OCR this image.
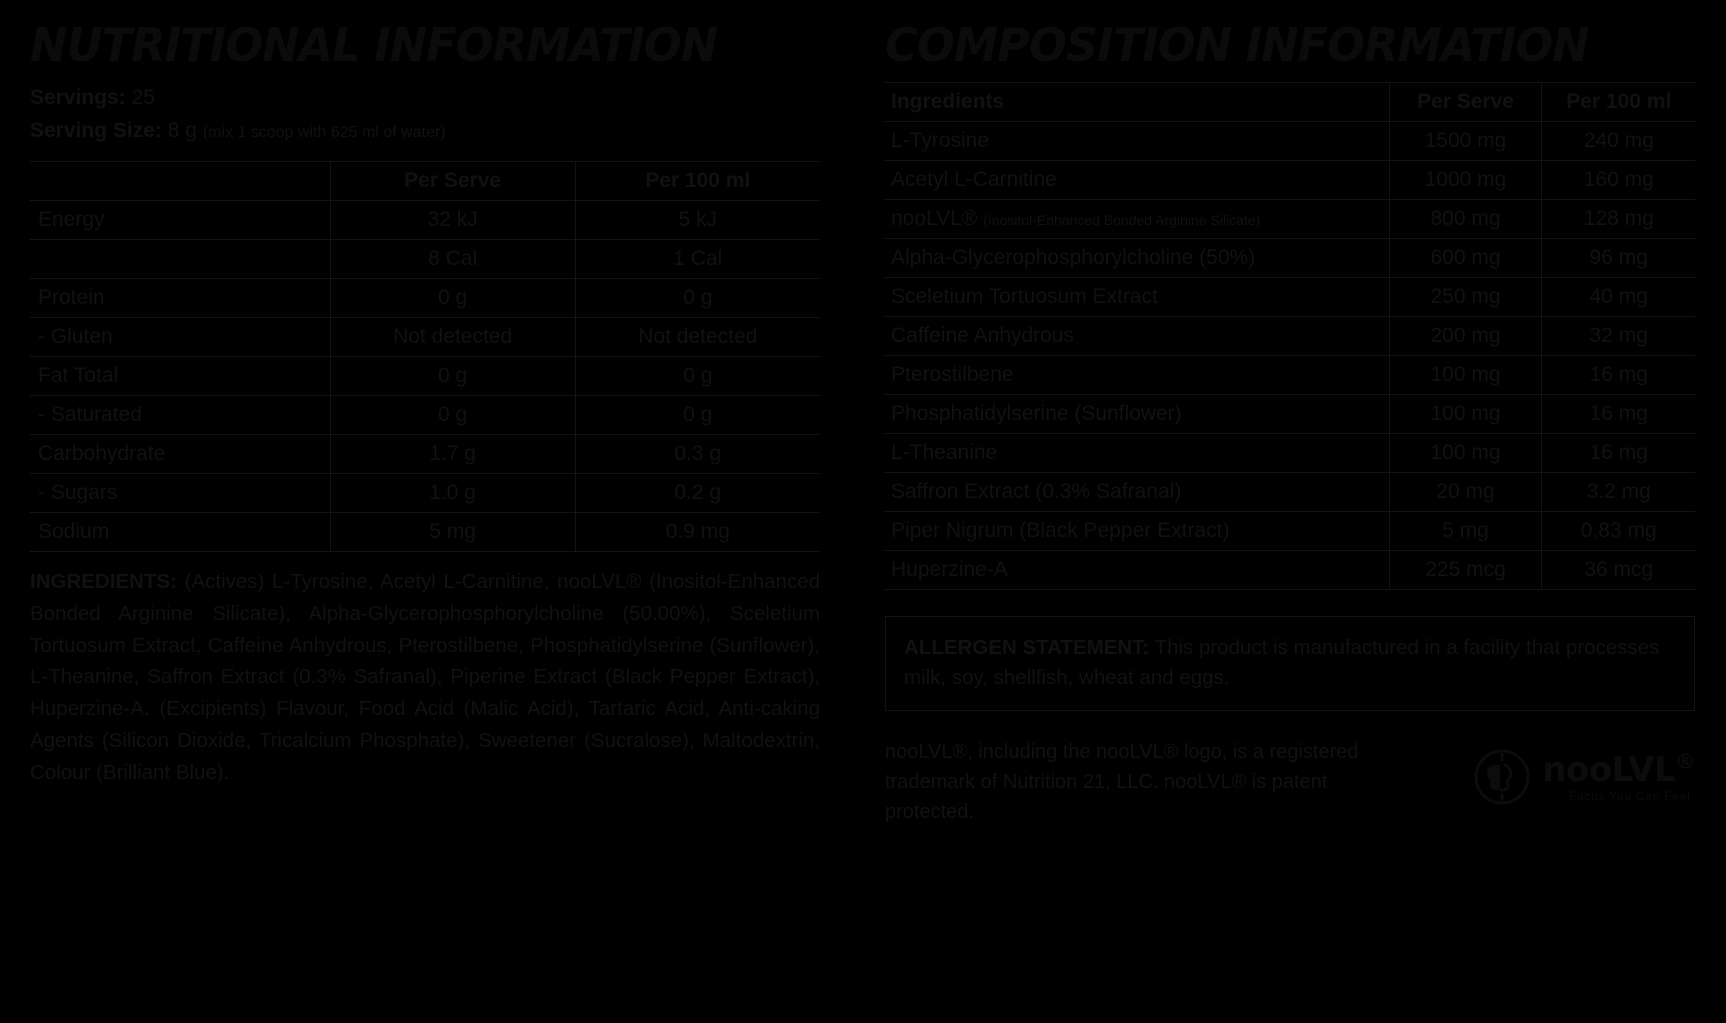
NUTRITIONAL INFORMATION
Servings: 25
Serving Size: 8 g (mix 1 scoop with 625 ml of water)
	Per Serve	Per 100 ml
Energy	32 kJ	5 kJ
	8 Cal	1 Cal
Protein	0 g	0 g
- Gluten	Not detected	Not detected
Fat Total	0 g	0 g
- Saturated	0 g	0 g
Carbohydrate	1.7 g	0.3 g
- Sugars	1.0 g	0.2 g
Sodium	5 mg	0.9 mg

INGREDIENTS: (Actives) L-Tyrosine, Acetyl L-Carnitine, nooLVL® (Inositol-Enhanced Bonded Arginine Silicate), Alpha-Glycerophosphorylcholine (50.00%), Sceletium Tortuosum Extract, Caffeine Anhydrous, Pterostilbene, Phosphatidylserine (Sunflower), L-Theanine, Saffron Extract (0.3% Safranal), Piperine Extract (Black Pepper Extract), Huperzine-A. (Excipients) Flavour, Food Acid (Malic Acid), Tartaric Acid, Anti-caking Agents (Silicon Dioxide, Tricalcium Phosphate), Sweetener (Sucralose), Maltodextrin, Colour (Brilliant Blue).

COMPOSITION INFORMATION
Ingredients	Per Serve	Per 100 ml
L-Tyrosine	1500 mg	240 mg
Acetyl L-Carnitine	1000 mg	160 mg
nooLVL® (Inositol-Enhanced Bonded Arginine Silicate)	800 mg	128 mg
Alpha-Glycerophosphorylcholine (50%)	600 mg	96 mg
Sceletium Tortuosum Extract	250 mg	40 mg
Caffeine Anhydrous	200 mg	32 mg
Pterostilbene	100 mg	16 mg
Phosphatidylserine (Sunflower)	100 mg	16 mg
L-Theanine	100 mg	16 mg
Saffron Extract (0.3% Safranal)	20 mg	3.2 mg
Piper Nigrum (Black Pepper Extract)	5 mg	0.83 mg
Huperzine-A	225 mcg	36 mcg
ALLERGEN STATEMENT: This product is manufactured in a facility that processes milk, soy, shellfish, wheat and eggs.
nooLVL®, including the nooLVL® logo, is a registered trademark of Nutrition 21, LLC. nooLVL® is patent protected.
nooLVL®
Focus You Can Feel.
